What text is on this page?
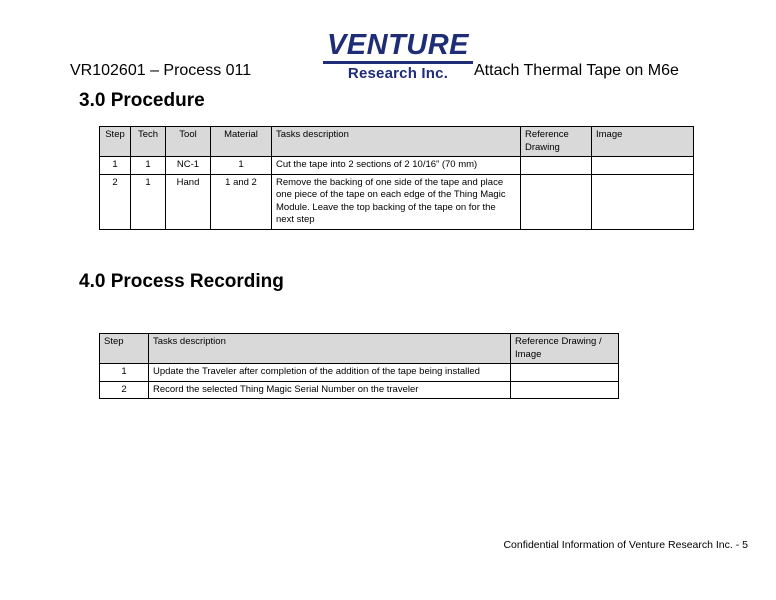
VENTURE
Research Inc.
VR102601 – Process 011	Attach Thermal Tape on M6e
3.0 Procedure
Step	Tech	Tool	Material	Tasks description	Reference Drawing	Image
1	1	NC-1	1	Cut the tape into 2 sections of 2 10/16” (70 mm)		
2	1	Hand	1 and 2	Remove the backing of one side of the tape and place one piece of the tape on each edge of the Thing Magic Module. Leave the top backing of the tape on for the next step		
4.0 Process Recording
Step	Tasks description	Reference Drawing / Image
1	Update the Traveler after completion of the addition of the tape being installed	
2	Record the selected Thing Magic Serial Number on the traveler	
Confidential Information of Venture Research Inc. - 5
